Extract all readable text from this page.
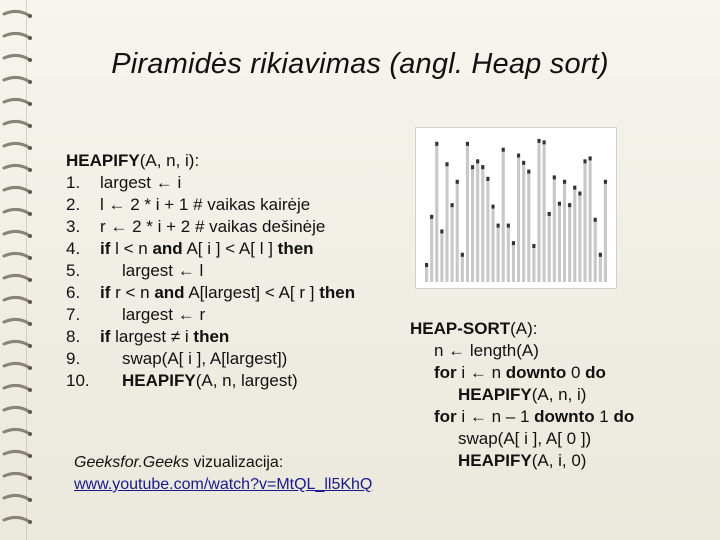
Piramidės rikiavimas (angl. Heap sort)
HEAPIFY(A, n, i):
1. largest ← i
2. l ← 2 * i + 1 # vaikas kairėje
3. r ← 2 * i + 2 # vaikas dešinėje
4. if l < n and A[ i ] < A[ l ] then
5. largest ← l
6. if r < n and A[largest] < A[ r ] then
7. largest ← r
8. if largest ≠ i then
9. swap(A[ i ], A[largest])
10. HEAPIFY(A, n, largest)
HEAP-SORT(A):
n ← length(A)
for i ← n downto 0 do
HEAPIFY(A, n, i)
for i ← n – 1 downto 1 do
swap(A[ i ], A[ 0 ])
HEAPIFY(A, i, 0)
Geeksfor.Geeks vizualizacija:
www.youtube.com/watch?v=MtQL_ll5KhQ
